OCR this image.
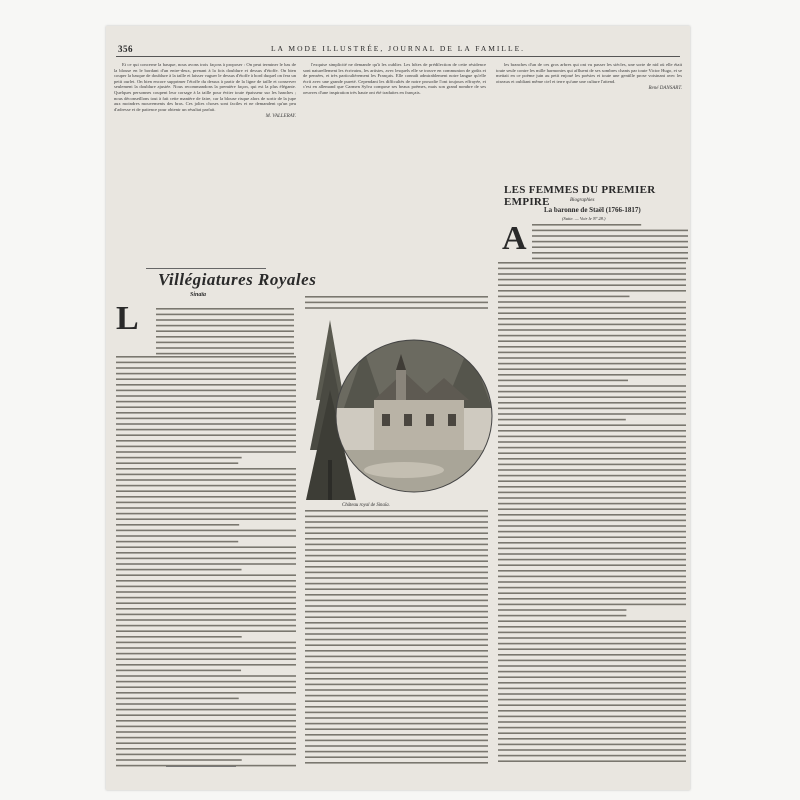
356	LA MODE ILLUSTRÉE, JOURNAL DE LA FAMILLE.

Et ce qui concerne la basque, nous avons trois façons à proposer : On peut terminer le bas de la blouse en le bordant d'un entre-deux, prenant à la fois doublure et dessus d'étoffe. On bien couper la basque de doublure à la taille et laisser vaguer le dessus d'étoffe à bord duquel on fera un petit ourlet. On bien encore supprimer l'étoffe du dessus à partir de la ligne de taille et conserver seulement la doublure ajustée. Nous recommandons la première façon, qui est la plus élégante. Quelques personnes coupent leur corsage à la taille pour éviter toute épaisseur sur les hanches ; nous déconseillons tout à fait cette manière de faire, car la blouse risque alors de sortir de la jupe aux moindres mouvements des bras. Ces jolies choses sont faciles et ne demandent qu'un peu d'adresse et de patience pour obtenir un résultat parfait.

M. VALLERAY.

l'exquise simplicité ne demande qu'à les oublier. Les hôtes de prédilection de cette résidence sont naturellement les écrivains, les artistes, avec lesquels elle se trouve en communion de goûts et de pensées, et très particulièrement les Français. Elle connaît admirablement notre langue qu'elle écrit avec une grande pureté. Cependant les difficultés de notre prosodie l'ont toujours effrayée, et c'est en allemand que Carmen Sylva compose ses beaux poèmes, mais son grand nombre de ses oeuvres d'une inspiration très haute ont été traduites en français.

les branches d'un de ces gros arbres qui ont vu passer les siècles, une sorte de nid où elle était toute seule contre les mille harmonies qui affluent de ses sombres chants par toute Victor Hugo, et se mettait en ce poème juin au petit enjoué les poésies et toute une gentille prose voisinant avec les oiseaux et oubliant même ciel et terre qu'une une culture l'attend.

René DANSART.
Villégiatures Royales
Sinaïa
L
LES FEMMES DU PREMIER EMPIRE	Biographies
La baronne de Staël (1766-1817)
(Suite. — Voir le Nº 28.)
A
Château royal de Sinaïa.
